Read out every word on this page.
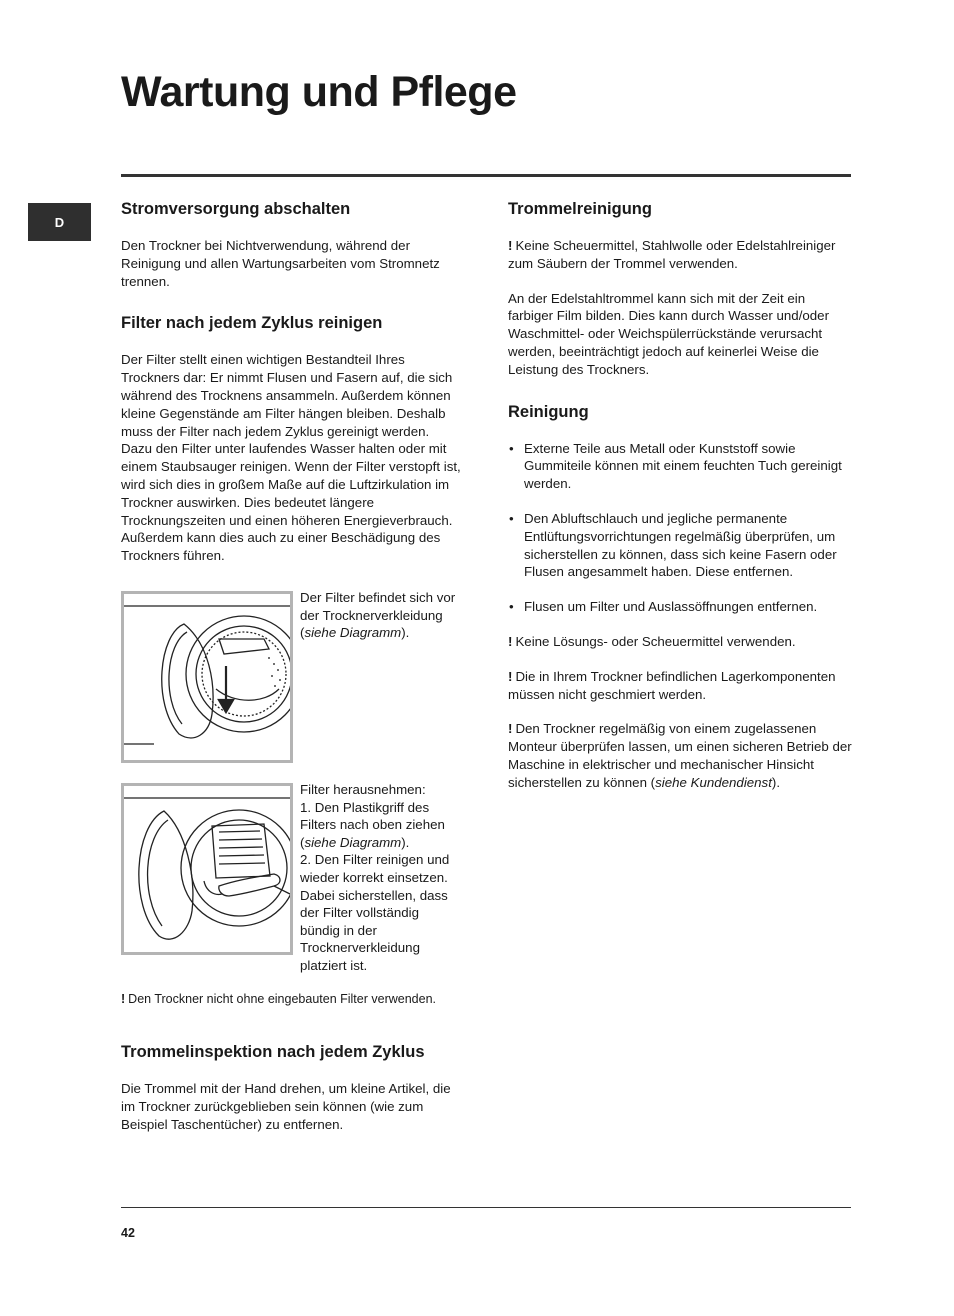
Wartung und Pflege
D
Stromversorgung abschalten

Den Trockner bei Nichtverwendung, während der Reinigung und allen Wartungsarbeiten vom Stromnetz trennen.

Filter nach jedem Zyklus reinigen

Der Filter stellt einen wichtigen Bestandteil Ihres Trockners dar: Er nimmt Flusen und Fasern auf, die sich während des Trocknens ansammeln. Außerdem können kleine Gegenstände am Filter hängen bleiben. Deshalb muss der Filter nach jedem Zyklus gereinigt werden. Dazu den Filter unter laufendes Wasser halten oder mit einem Staubsauger reinigen. Wenn der Filter verstopft ist, wird sich dies in großem Maße auf die Luftzirkulation im Trockner auswirken. Dies bedeutet längere Trocknungszeiten und einen höheren Energieverbrauch. Außerdem kann dies auch zu einer Beschädigung des Trockners führen.

Der Filter befindet sich vor der Trocknerverkleidung (siehe Diagramm).
Filter herausnehmen:
1. Den Plastikgriff des Filters nach oben ziehen
(siehe Diagramm).
2. Den Filter reinigen und wieder korrekt einsetzen. Dabei sicherstellen, dass der Filter vollständig bündig in der Trocknerverkleidung platziert ist.

! Den Trockner nicht ohne eingebauten Filter verwenden.

Trommelinspektion nach jedem Zyklus

Die Trommel mit der Hand drehen, um kleine Artikel, die im Trockner zurückgeblieben sein können (wie zum Beispiel Taschentücher) zu entfernen.

Trommelreinigung

! Keine Scheuermittel, Stahlwolle oder Edelstahlreiniger zum Säubern der Trommel verwenden.

An der Edelstahltrommel kann sich mit der Zeit ein farbiger Film bilden. Dies kann durch Wasser und/oder Waschmittel- oder Weichspülerrückstände verursacht werden, beeinträchtigt jedoch auf keinerlei Weise die Leistung des Trockners.

Reinigung
• Externe Teile aus Metall oder Kunststoff sowie Gummiteile können mit einem feuchten Tuch gereinigt werden.
• Den Abluftschlauch und jegliche permanente Entlüftungsvorrichtungen regelmäßig überprüfen, um sicherstellen zu können, dass sich keine Fasern oder Flusen angesammelt haben. Diese entfernen.
• Flusen um Filter und Auslassöffnungen entfernen.

! Keine Lösungs- oder Scheuermittel verwenden.

! Die in Ihrem Trockner befindlichen Lagerkomponenten müssen nicht geschmiert werden.

! Den Trockner regelmäßig von einem zugelassenen Monteur überprüfen lassen, um einen sicheren Betrieb der Maschine in elektrischer und mechanischer Hinsicht sicherstellen zu können (siehe Kundendienst).

42
